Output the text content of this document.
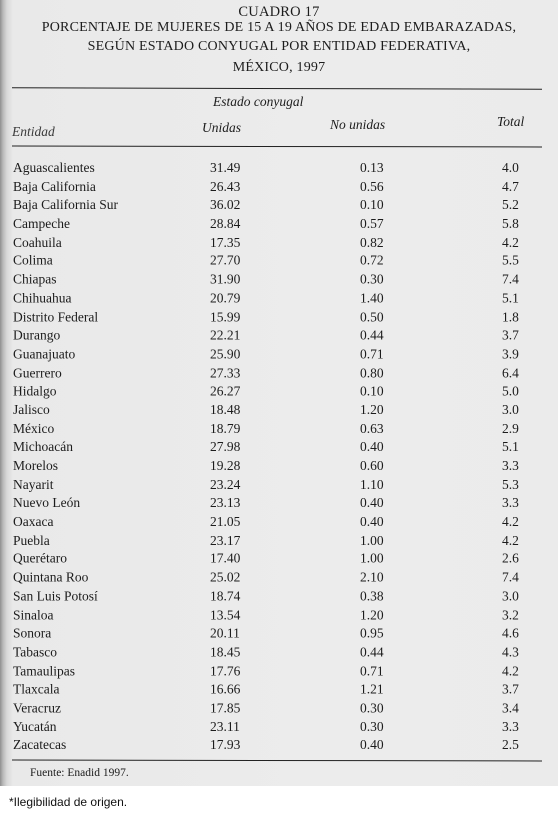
CUADRO 17
PORCENTAJE DE MUJERES DE 15 A 19 AÑOS DE EDAD EMBARAZADAS,
SEGÚN ESTADO CONYUGAL POR ENTIDAD FEDERATIVA,
MÉXICO, 1997
Estado conyugal
Entidad	Unidas	No unidas	Total
Aguascalientes	31.49	0.13	4.0
Baja California	26.43	0.56	4.7
Baja California Sur	36.02	0.10	5.2
Campeche	28.84	0.57	5.8
Coahuila	17.35	0.82	4.2
Colima	27.70	0.72	5.5
Chiapas	31.90	0.30	7.4
Chihuahua	20.79	1.40	5.1
Distrito Federal	15.99	0.50	1.8
Durango	22.21	0.44	3.7
Guanajuato	25.90	0.71	3.9
Guerrero	27.33	0.80	6.4
Hidalgo	26.27	0.10	5.0
Jalisco	18.48	1.20	3.0
México	18.79	0.63	2.9
Michoacán	27.98	0.40	5.1
Morelos	19.28	0.60	3.3
Nayarit	23.24	1.10	5.3
Nuevo León	23.13	0.40	3.3
Oaxaca	21.05	0.40	4.2
Puebla	23.17	1.00	4.2
Querétaro	17.40	1.00	2.6
Quintana Roo	25.02	2.10	7.4
San Luis Potosí	18.74	0.38	3.0
Sinaloa	13.54	1.20	3.2
Sonora	20.11	0.95	4.6
Tabasco	18.45	0.44	4.3
Tamaulipas	17.76	0.71	4.2
Tlaxcala	16.66	1.21	3.7
Veracruz	17.85	0.30	3.4
Yucatán	23.11	0.30	3.3
Zacatecas	17.93	0.40	2.5
Fuente: Enadid 1997.
*Ilegibilidad de origen.
